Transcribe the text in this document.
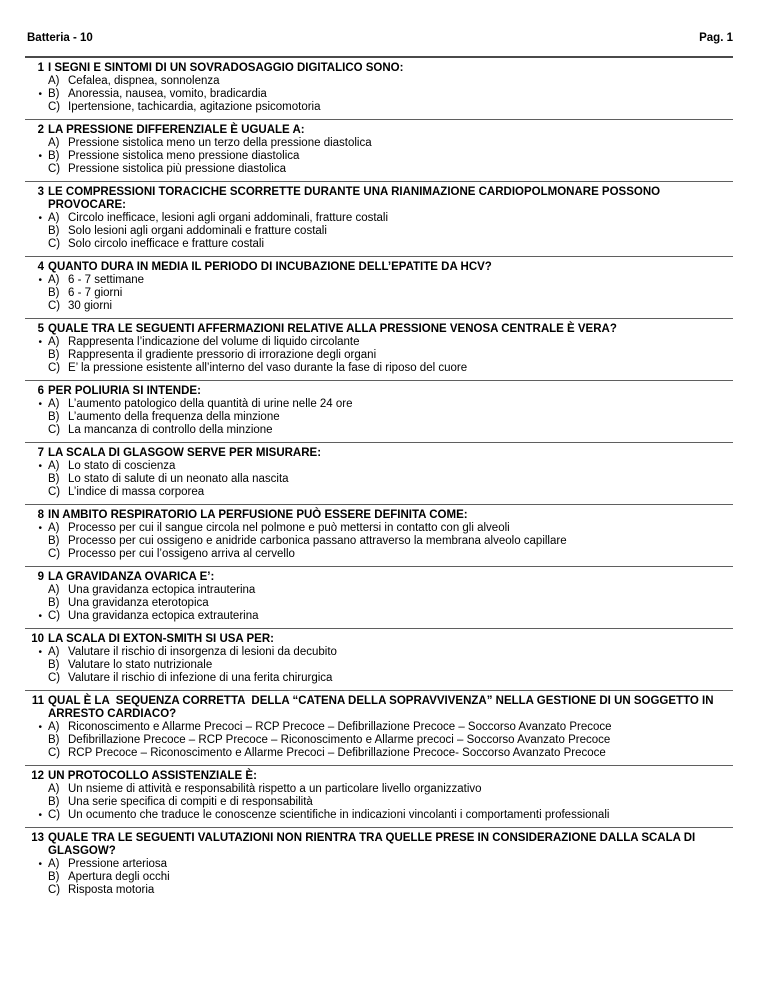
Batteria - 10	Pag. 1
1 I SEGNI E SINTOMI DI UN SOVRADOSAGGIO DIGITALICO SONO:
A) Cefalea, dispnea, sonnolenza
• B) Anoressia, nausea, vomito, bradicardia
C) Ipertensione, tachicardia, agitazione psicomotoria
2 LA PRESSIONE DIFFERENZIALE È UGUALE A:
A) Pressione sistolica meno un terzo della pressione diastolica
• B) Pressione sistolica meno pressione diastolica
C) Pressione sistolica più pressione diastolica
3 LE COMPRESSIONI TORACICHE SCORRETTE DURANTE UNA RIANIMAZIONE CARDIOPOLMONARE POSSONO PROVOCARE:
• A) Circolo inefficace, lesioni agli organi addominali, fratture costali
B) Solo lesioni agli organi addominali e fratture costali
C) Solo circolo inefficace e fratture costali
4 QUANTO DURA IN MEDIA IL PERIODO DI INCUBAZIONE DELL’EPATITE DA HCV?
• A) 6 - 7 settimane
B) 6 - 7 giorni
C) 30 giorni
5 QUALE TRA LE SEGUENTI AFFERMAZIONI RELATIVE ALLA PRESSIONE VENOSA CENTRALE È VERA?
• A) Rappresenta l’indicazione del volume di liquido circolante
B) Rappresenta il gradiente pressorio di irrorazione degli organi
C) E’ la pressione esistente all’interno del vaso durante la fase di riposo del cuore
6 PER POLIURIA SI INTENDE:
• A) L’aumento patologico della quantità di urine nelle 24 ore
B) L’aumento della frequenza della minzione
C) La mancanza di controllo della minzione
7 LA SCALA DI GLASGOW SERVE PER MISURARE:
• A) Lo stato di coscienza
B) Lo stato di salute di un neonato alla nascita
C) L’indice di massa corporea
8 IN AMBITO RESPIRATORIO LA PERFUSIONE PUÒ ESSERE DEFINITA COME:
• A) Processo per cui il sangue circola nel polmone e può mettersi in contatto con gli alveoli
B) Processo per cui ossigeno e anidride carbonica passano attraverso la membrana alveolo capillare
C) Processo per cui l’ossigeno arriva al cervello
9 LA GRAVIDANZA OVARICA E’:
A) Una gravidanza ectopica intrauterina
B) Una gravidanza eterotopica
• C) Una gravidanza ectopica extrauterina
10 LA SCALA DI EXTON-SMITH SI USA PER:
• A) Valutare il rischio di insorgenza di lesioni da decubito
B) Valutare lo stato nutrizionale
C) Valutare il rischio di infezione di una ferita chirurgica
11 QUAL È LA  SEQUENZA CORRETTA  DELLA “CATENA DELLA SOPRAVVIVENZA” NELLA GESTIONE DI UN SOGGETTO IN ARRESTO CARDIACO?
• A) Riconoscimento e Allarme Precoci – RCP Precoce – Defibrillazione Precoce – Soccorso Avanzato Precoce
B) Defibrillazione Precoce – RCP Precoce – Riconoscimento e Allarme precoci – Soccorso Avanzato Precoce
C) RCP Precoce – Riconoscimento e Allarme Precoci – Defibrillazione Precoce- Soccorso Avanzato Precoce
12 UN PROTOCOLLO ASSISTENZIALE È:
A) Un nsieme di attività e responsabilità rispetto a un particolare livello organizzativo
B) Una serie specifica di compiti e di responsabilità
• C) Un ocumento che traduce le conoscenze scientifiche in indicazioni vincolanti i comportamenti professionali
13 QUALE TRA LE SEGUENTI VALUTAZIONI NON RIENTRA TRA QUELLE PRESE IN CONSIDERAZIONE DALLA SCALA DI GLASGOW?
• A) Pressione arteriosa
B) Apertura degli occhi
C) Risposta motoria
